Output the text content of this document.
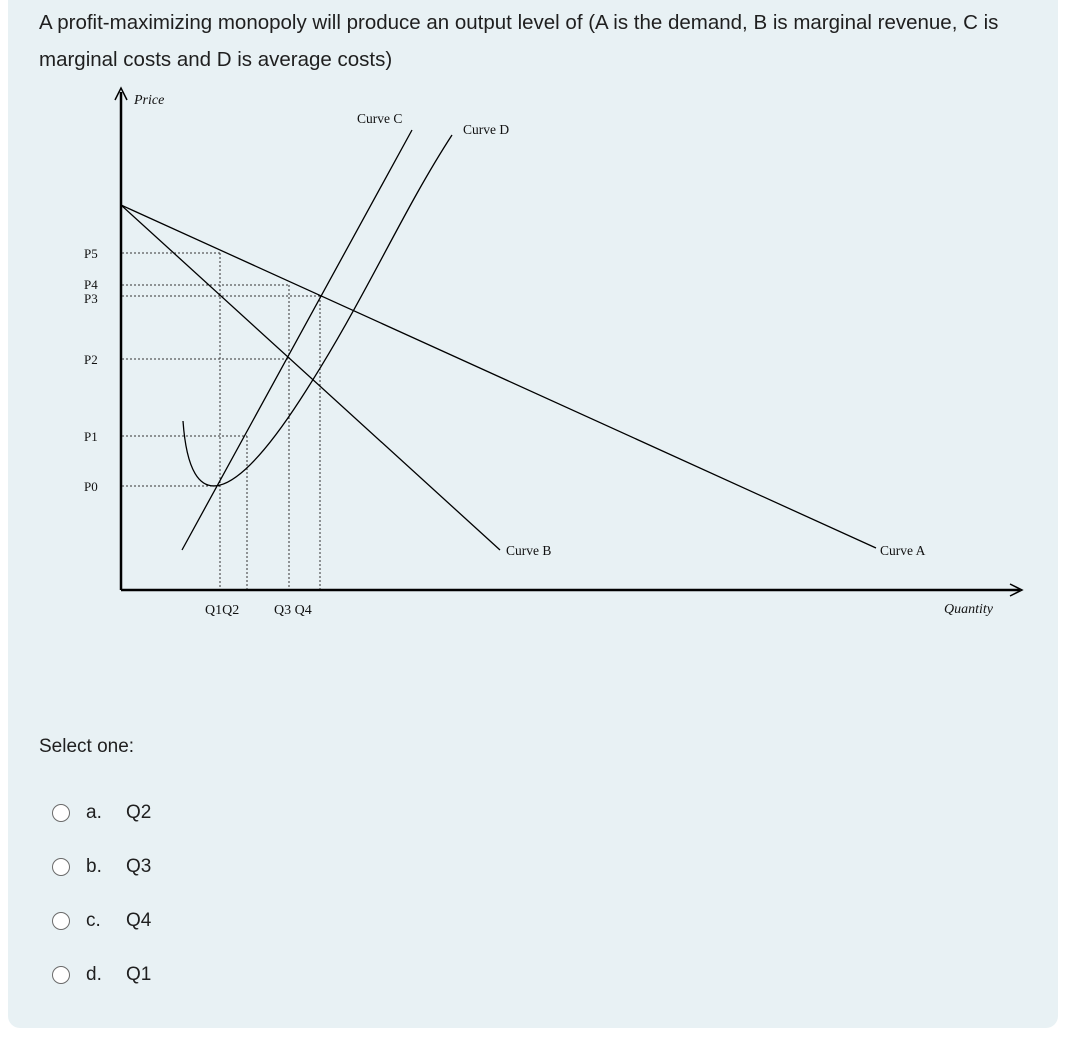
A profit-maximizing monopoly will produce an output level of (A is the demand, B is marginal revenue, C is marginal costs and D is average costs)
P5
P4
P3
P2
P1
P0
Q1Q2 Q3 Q4
Curve C
Curve D
Curve B	Curve A
Price
Quantity
Select one:
a.	Q2
b.	Q3
c.	Q4
d.	Q1
